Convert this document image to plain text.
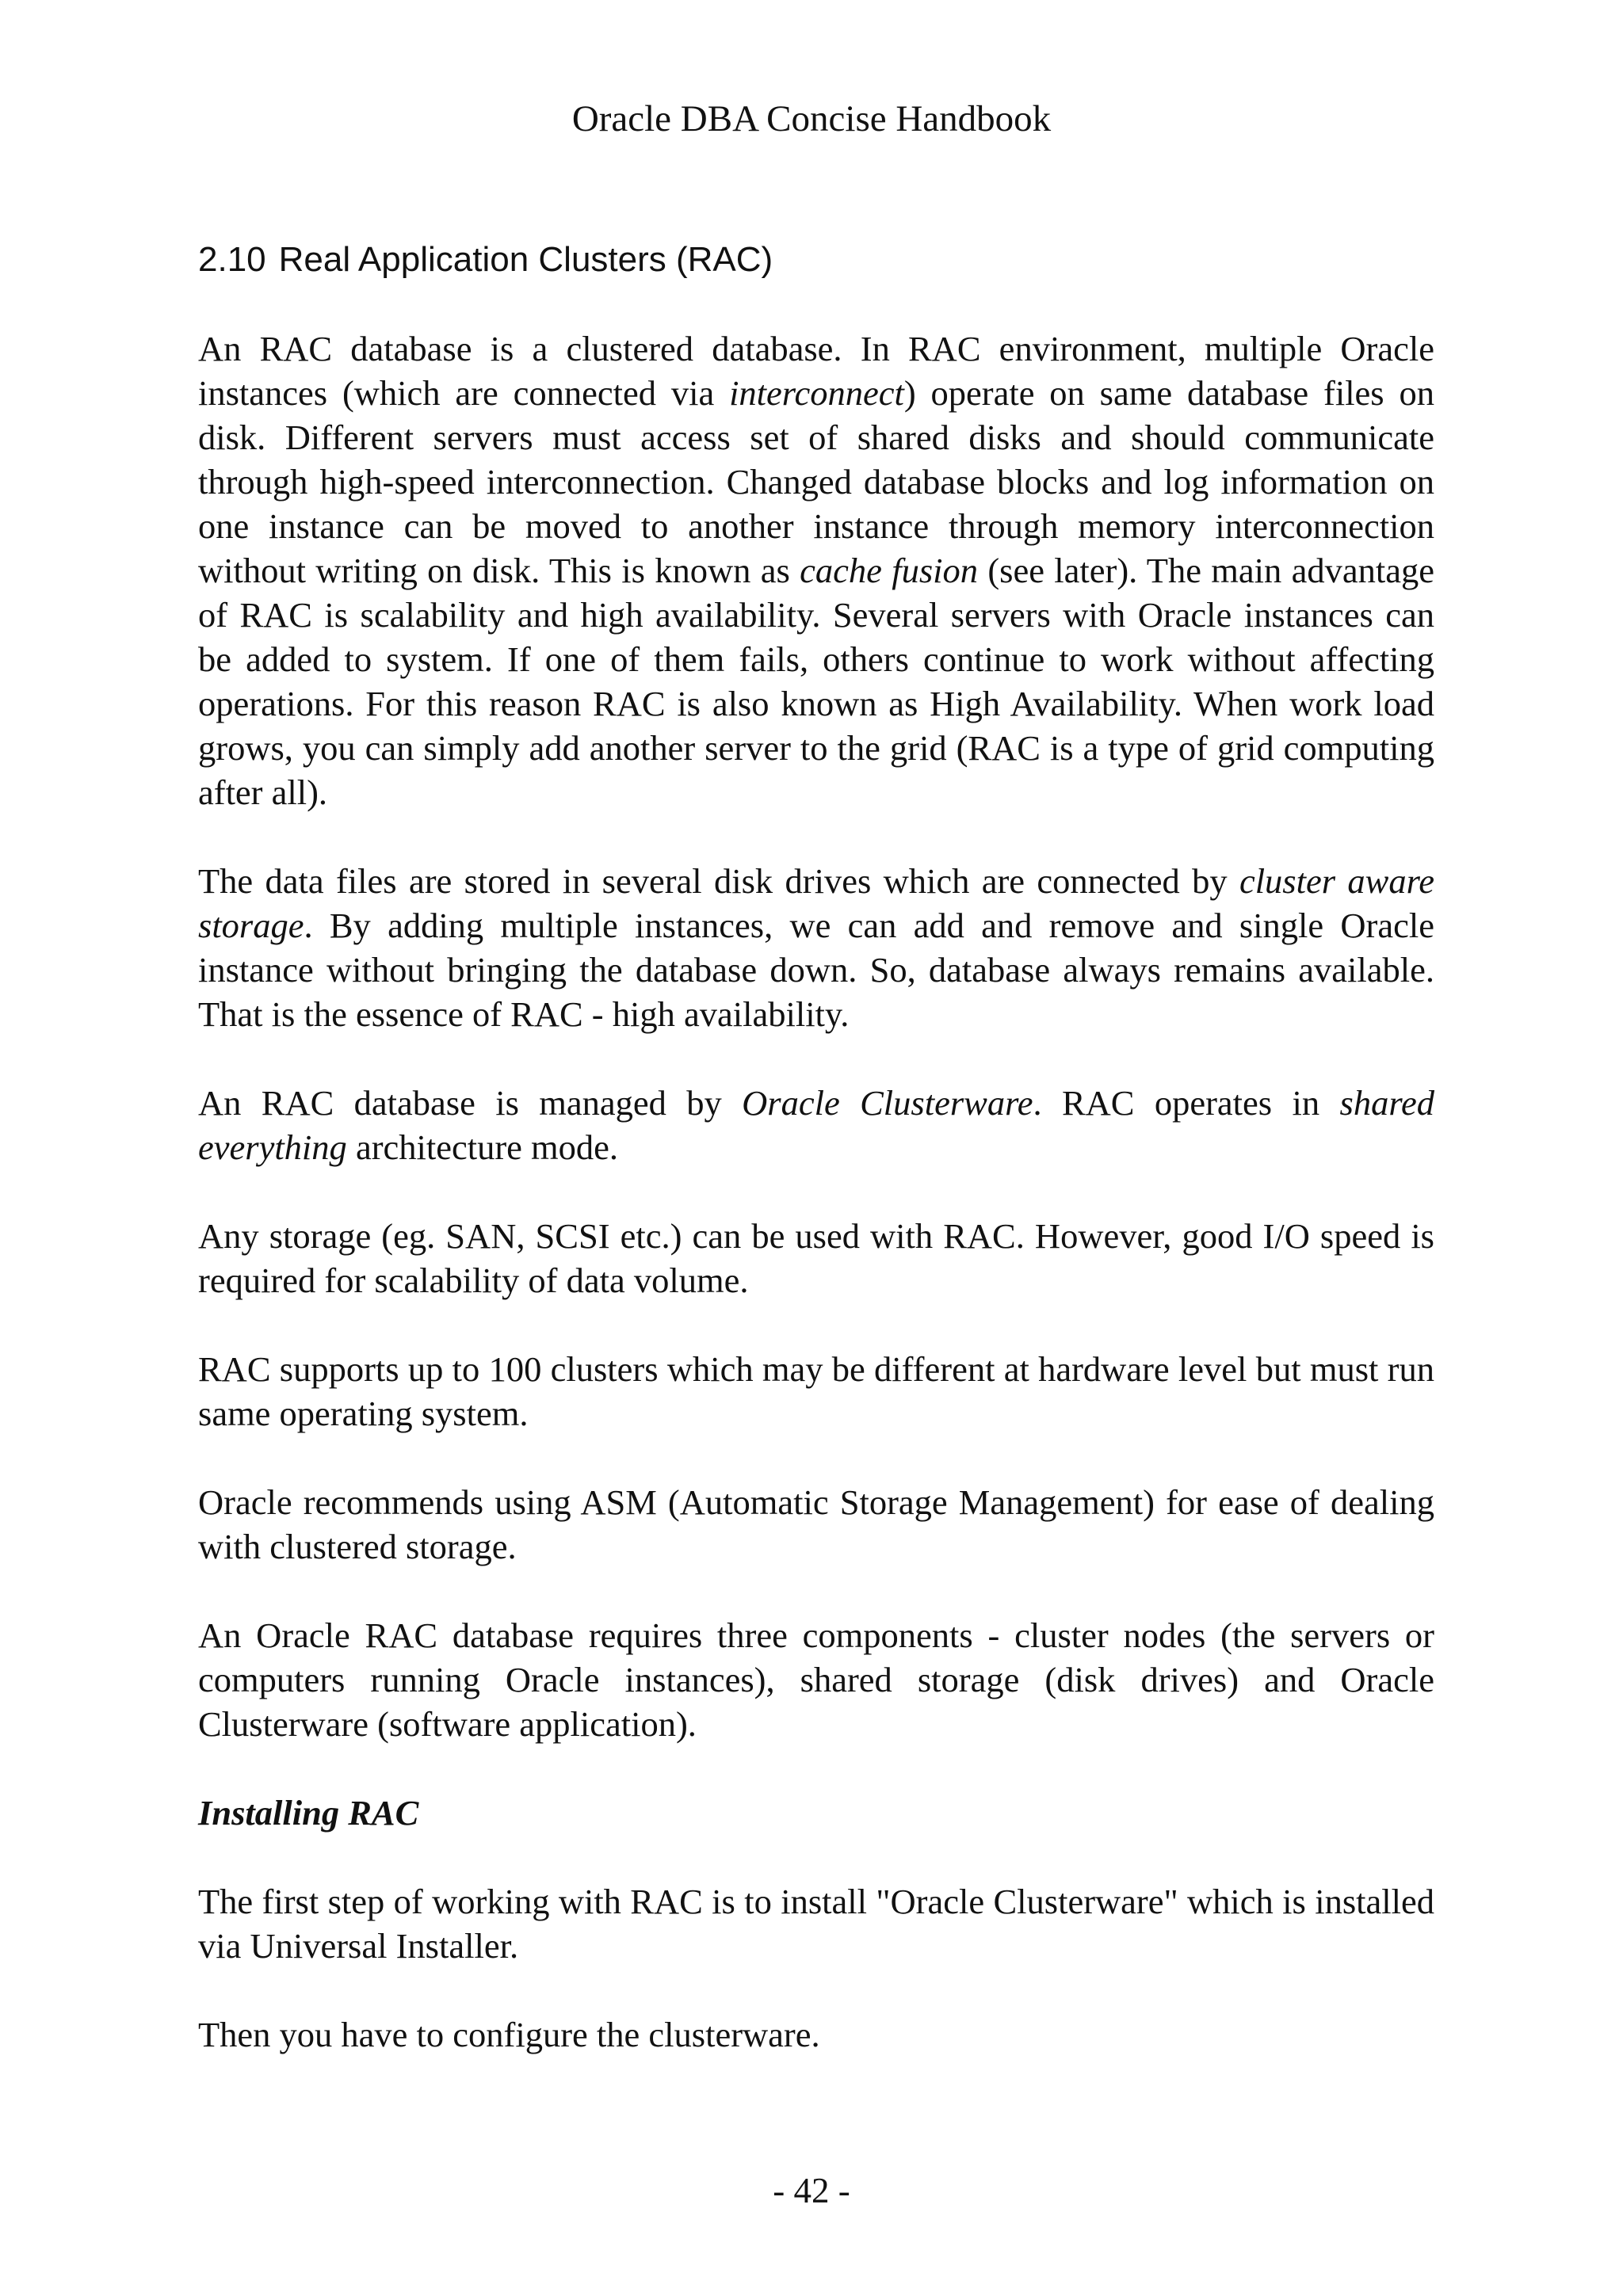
Oracle DBA Concise Handbook
2.10 Real Application Clusters (RAC)

An RAC database is a clustered database. In RAC environment, multiple Oracle instances (which are connected via interconnect) operate on same database files on disk. Different servers must access set of shared disks and should communicate through high-speed interconnection. Changed database blocks and log information on one instance can be moved to another instance through memory interconnection without writing on disk. This is known as cache fusion (see later). The main advantage of RAC is scalability and high availability. Several servers with Oracle instances can be added to system. If one of them fails, others continue to work without affecting operations. For this reason RAC is also known as High Availability. When work load grows, you can simply add another server to the grid (RAC is a type of grid computing after all).

The data files are stored in several disk drives which are connected by cluster aware storage. By adding multiple instances, we can add and remove and single Oracle instance without bringing the database down. So, database always remains available. That is the essence of RAC - high availability.

An RAC database is managed by Oracle Clusterware. RAC operates in shared everything architecture mode.

Any storage (eg. SAN, SCSI etc.) can be used with RAC. However, good I/O speed is required for scalability of data volume.

RAC supports up to 100 clusters which may be different at hardware level but must run same operating system.

Oracle recommends using ASM (Automatic Storage Management) for ease of dealing with clustered storage.

An Oracle RAC database requires three components - cluster nodes (the servers or computers running Oracle instances), shared storage (disk drives) and Oracle Clusterware (software application).

Installing RAC

The first step of working with RAC is to install "Oracle Clusterware" which is installed via Universal Installer.

Then you have to configure the clusterware.

- 42 -
